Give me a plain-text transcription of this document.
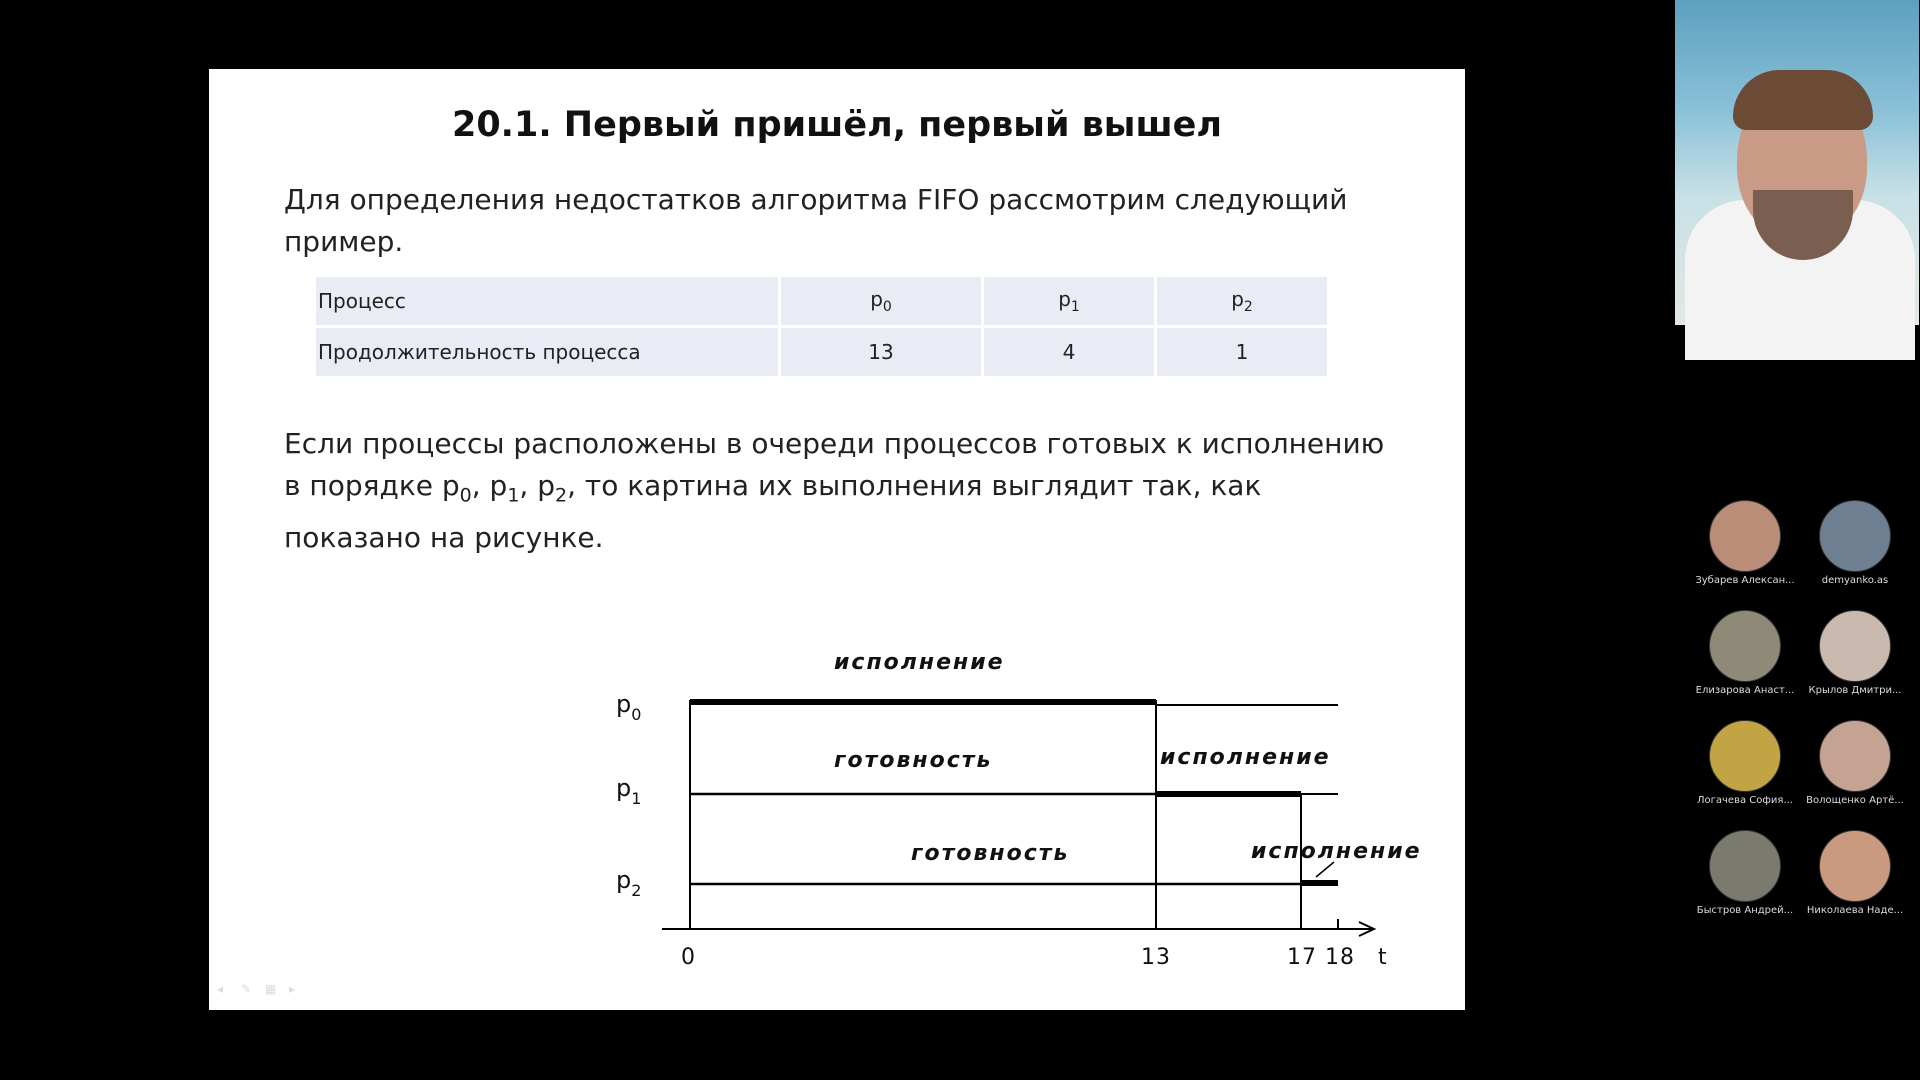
20.1. Первый пришёл, первый вышел
Для определения недостатков алгоритма FIFO рассмотрим следующий пример.
Процесс	$p_0$	$p_1$	$p_2$
Продолжительность процесса	13	4	1
Если процессы расположены в очереди процессов готовых к исполнению в порядке $p_0$, $p_1$, $p_2$, то картина их выполнения выглядит так, как показано на рисунке.
$p_0$
$p_1$
$p_2$
исполнение
готовность	исполнение
готовность	исполнение
0	13	17 18 t
◂	✎	▦	▸
Зубарев Алексан...	demyanko.as
Елизарова Анаст...	Крылов Дмитри...
Логачева София...	Волощенко Артё...
Быстров Андрей...	Николаева Наде...
